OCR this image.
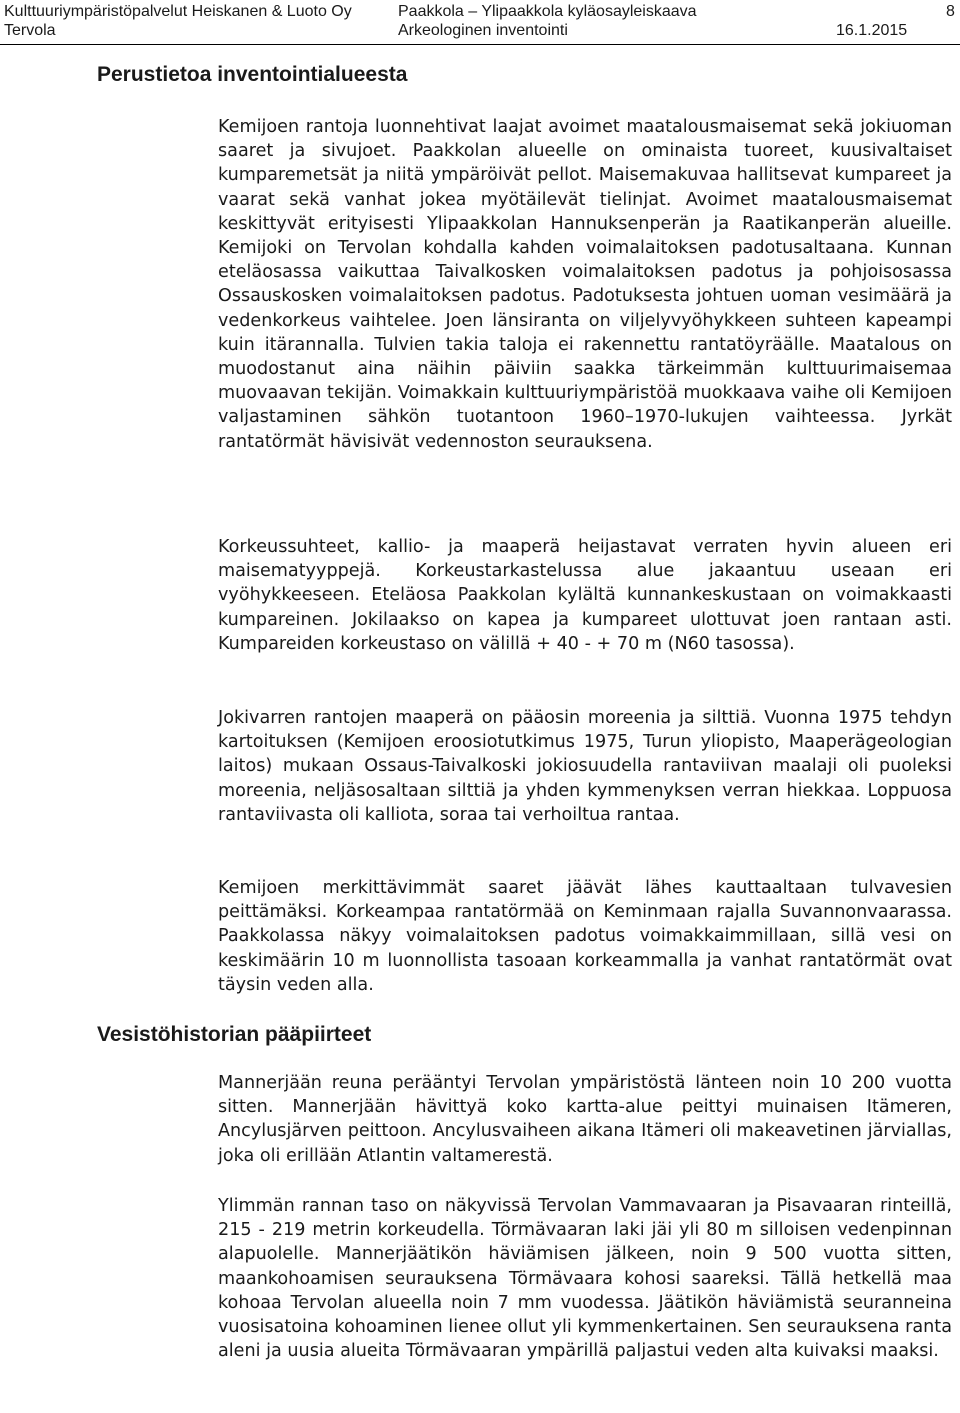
Kulttuuriympäristöpalvelut Heiskanen & Luoto Oy
Tervola
Paakkola – Ylipaakkola kyläosayleiskaava
Arkeologinen inventointi
8
16.1.2015
Perustietoa inventointialueesta

Kemijoen rantoja luonnehtivat laajat avoimet maatalousmaisemat sekä jokiuoman saaret ja sivujoet. Paakkolan alueelle on ominaista tuoreet, kuusivaltaiset kumparemetsät ja niitä ympäröivät pellot. Maisemakuvaa hallitsevat kumpareet ja vaarat sekä vanhat jokea myötäilevät tielinjat. Avoimet maatalousmaisemat keskittyvät erityisesti Ylipaakkolan Hannuksenperän ja Raatikanperän alueille. Kemijoki on Tervolan kohdalla kahden voimalaitoksen padotusaltaana. Kunnan eteläosassa vaikuttaa Taivalkosken voimalaitoksen padotus ja pohjoisosassa Ossauskosken voimalaitoksen padotus. Padotuksesta johtuen uoman vesimäärä ja vedenkorkeus vaihtelee. Joen länsiranta on viljelyvyöhykkeen suhteen kapeampi kuin itärannalla. Tulvien takia taloja ei rakennettu rantatöyräälle. Maatalous on muodostanut aina näihin päiviin saakka tärkeimmän kulttuurimaisemaa muovaavan tekijän. Voimakkain kulttuuriympäristöä muokkaava vaihe oli Kemijoen valjastaminen sähkön tuotantoon 1960–1970-lukujen vaihteessa. Jyrkät rantatörmät hävisivät vedennoston seurauksena.

Korkeussuhteet, kallio- ja maaperä heijastavat verraten hyvin alueen eri maisematyyppejä. Korkeustarkastelussa alue jakaantuu useaan eri vyöhykkeeseen. Eteläosa Paakkolan kylältä kunnankeskustaan on voimakkaasti kumpareinen. Jokilaakso on kapea ja kumpareet ulottuvat joen rantaan asti. Kumpareiden korkeustaso on välillä + 40 - + 70 m (N60 tasossa).

Jokivarren rantojen maaperä on pääosin moreenia ja silttiä. Vuonna 1975 tehdyn kartoituksen (Kemijoen eroosiotutkimus 1975, Turun yliopisto, Maaperägeologian laitos) mukaan Ossaus-Taivalkoski jokiosuudella rantaviivan maalaji oli puoleksi moreenia, neljäsosaltaan silttiä ja yhden kymmenyksen verran hiekkaa. Loppuosa rantaviivasta oli kalliota, soraa tai verhoiltua rantaa.

Kemijoen merkittävimmät saaret jäävät lähes kauttaaltaan tulvavesien peittämäksi. Korkeampaa rantatörmää on Keminmaan rajalla Suvannonvaarassa. Paakkolassa näkyy voimalaitoksen padotus voimakkaimmillaan, sillä vesi on keskimäärin 10 m luonnollista tasoaan korkeammalla ja vanhat rantatörmät ovat täysin veden alla.

Vesistöhistorian pääpiirteet

Mannerjään reuna perääntyi Tervolan ympäristöstä länteen noin 10 200 vuotta sitten. Mannerjään hävittyä koko kartta-alue peittyi muinaisen Itämeren, Ancylusjärven peittoon. Ancylusvaiheen aikana Itämeri oli makeavetinen järviallas, joka oli erillään Atlantin valtamerestä.

Ylimmän rannan taso on näkyvissä Tervolan Vammavaaran ja Pisavaaran rinteillä, 215 - 219 metrin korkeudella. Törmävaaran laki jäi yli 80 m silloisen vedenpinnan alapuolelle. Mannerjäätikön häviämisen jälkeen, noin 9 500 vuotta sitten, maankohoamisen seurauksena Törmävaara kohosi saareksi. Tällä hetkellä maa kohoaa Tervolan alueella noin 7 mm vuodessa. Jäätikön häviämistä seuranneina vuosisatoina kohoaminen lienee ollut yli kymmenkertainen. Sen seurauksena ranta aleni ja uusia alueita Törmävaaran ympärillä paljastui veden alta kuivaksi maaksi.
